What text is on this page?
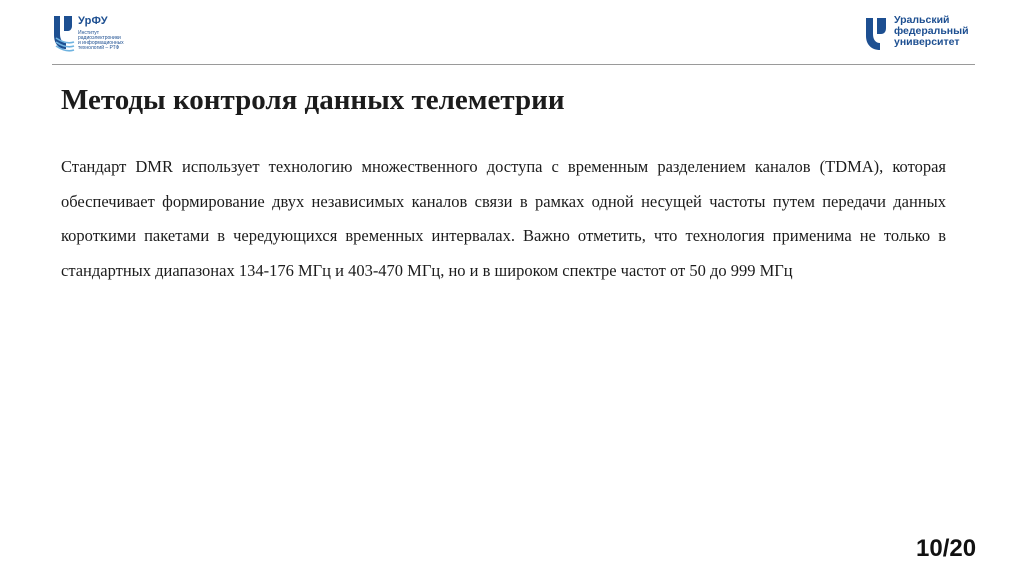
УрФУ
Институт
радиоэлектроники
и информационных
технологий – РТФ
Уральский
федеральный
университет
Методы контроля данных телеметрии

Стандарт DMR использует технологию множественного доступа с временным разделением каналов (TDMA), которая обеспечивает формирование двух независимых каналов связи в рамках одной несущей частоты путем передачи данных короткими пакетами в чередующихся временных интервалах. Важно отметить, что технология применима не только в стандартных диапазонах 134-176 МГц и 403-470 МГц, но и в широком спектре частот от 50 до 999 МГц

10/20
